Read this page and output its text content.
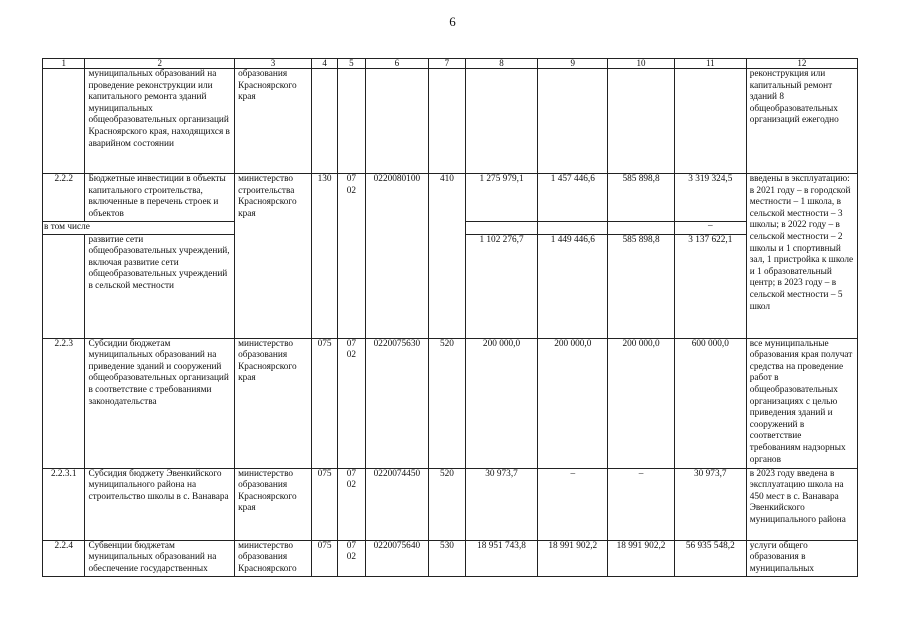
6
1	2	3	4	5	6	7	8	9	10	11	12
	муниципальных образований на проведение реконструкции или капитального ремонта зданий муниципальных общеобразовательных организаций Красноярского края, находящихся в аварийном состоянии	образования Красноярского края									реконструкция или капитальный ремонт зданий 8 общеобразовательных организаций ежегодно
2.2.2	Бюджетные инвестиции в объекты капитального строительства, включенные в перечень строек и объектов	министерство строительства Красноярского края	130	07 02	0220080100	410	1 275 979,1	1 457 446,6	585 898,8	3 319 324,5	введены в эксплуатацию: в 2021 году – в городской местности – 1 школа, в сельской местности – 3 школы; в 2022 году – в сельской местности – 2 школы и 1 спортивный зал, 1 пристройка к школе и 1 образовательный центр; в 2023 году – в сельской местности – 5 школ
в том числе										–	
	развитие сети общеобразовательных учреждений, включая развитие сети общеобразовательных учреждений в сельской местности						1 102 276,7	1 449 446,6	585 898,8	3 137 622,1	
2.2.3	Субсидии бюджетам муниципальных образований на приведение зданий и сооружений общеобразовательных организаций в соответствие с требованиями законодательства	министерство образования Красноярского края	075	07 02	0220075630	520	200 000,0	200 000,0	200 000,0	600 000,0	все муниципальные образования края получат средства на проведение работ в общеобразовательных организациях с целью приведения зданий и сооружений в соответствие требованиям надзорных органов
2.2.3.1	Субсидия бюджету Эвенкийского муниципального района на строительство школы в с. Ванавара	министерство образования Красноярского края	075	07 02	0220074450	520	30 973,7	–	–	30 973,7	в 2023 году введена в эксплуатацию школа на 450 мест в с. Ванавара Эвенкийского муниципального района
2.2.4	Субвенции бюджетам муниципальных образований на обеспечение государственных	министерство образования Красноярского	075	07 02	0220075640	530	18 951 743,8	18 991 902,2	18 991 902,2	56 935 548,2	услуги общего образования в муниципальных
